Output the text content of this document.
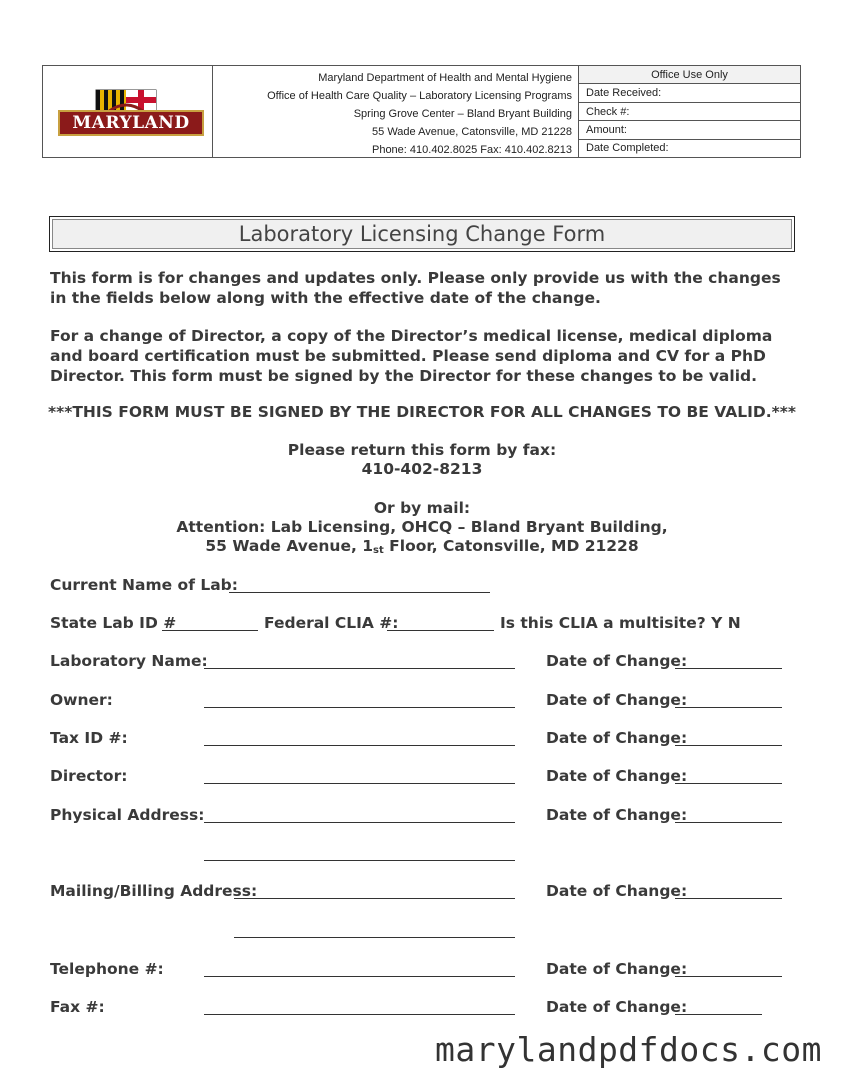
MARYLAND
Maryland Department of Health and Mental Hygiene
Office of Health Care Quality – Laboratory Licensing Programs
Spring Grove Center – Bland Bryant Building
55 Wade Avenue, Catonsville, MD 21228
Phone: 410.402.8025 Fax: 410.402.8213
Office Use Only
Date Received:
Check #:
Amount:
Date Completed:
Laboratory Licensing Change Form
This form is for changes and updates only. Please only provide us with the changes in the fields below along with the effective date of the change.
For a change of Director, a copy of the Director’s medical license, medical diploma and board certification must be submitted. Please send diploma and CV for a PhD Director. This form must be signed by the Director for these changes to be valid.
***THIS FORM MUST BE SIGNED BY THE DIRECTOR FOR ALL CHANGES TO BE VALID.***
Please return this form by fax:
410-402-8213
Or by mail:
Attention: Lab Licensing, OHCQ – Bland Bryant Building,
55 Wade Avenue, $1_{st}$ Floor, Catonsville, MD 21228
Current Name of Lab:
State Lab ID #	Federal CLIA #:	Is this CLIA a multisite? Y N
Laboratory Name:	Date of Change:
Owner:	Date of Change:
Tax ID #:	Date of Change:
Director:	Date of Change:
Physical Address:	Date of Change:
Mailing/Billing Address:	Date of Change:
Telephone #:	Date of Change:
Fax #:	Date of Change:
marylandpdfdocs.com
